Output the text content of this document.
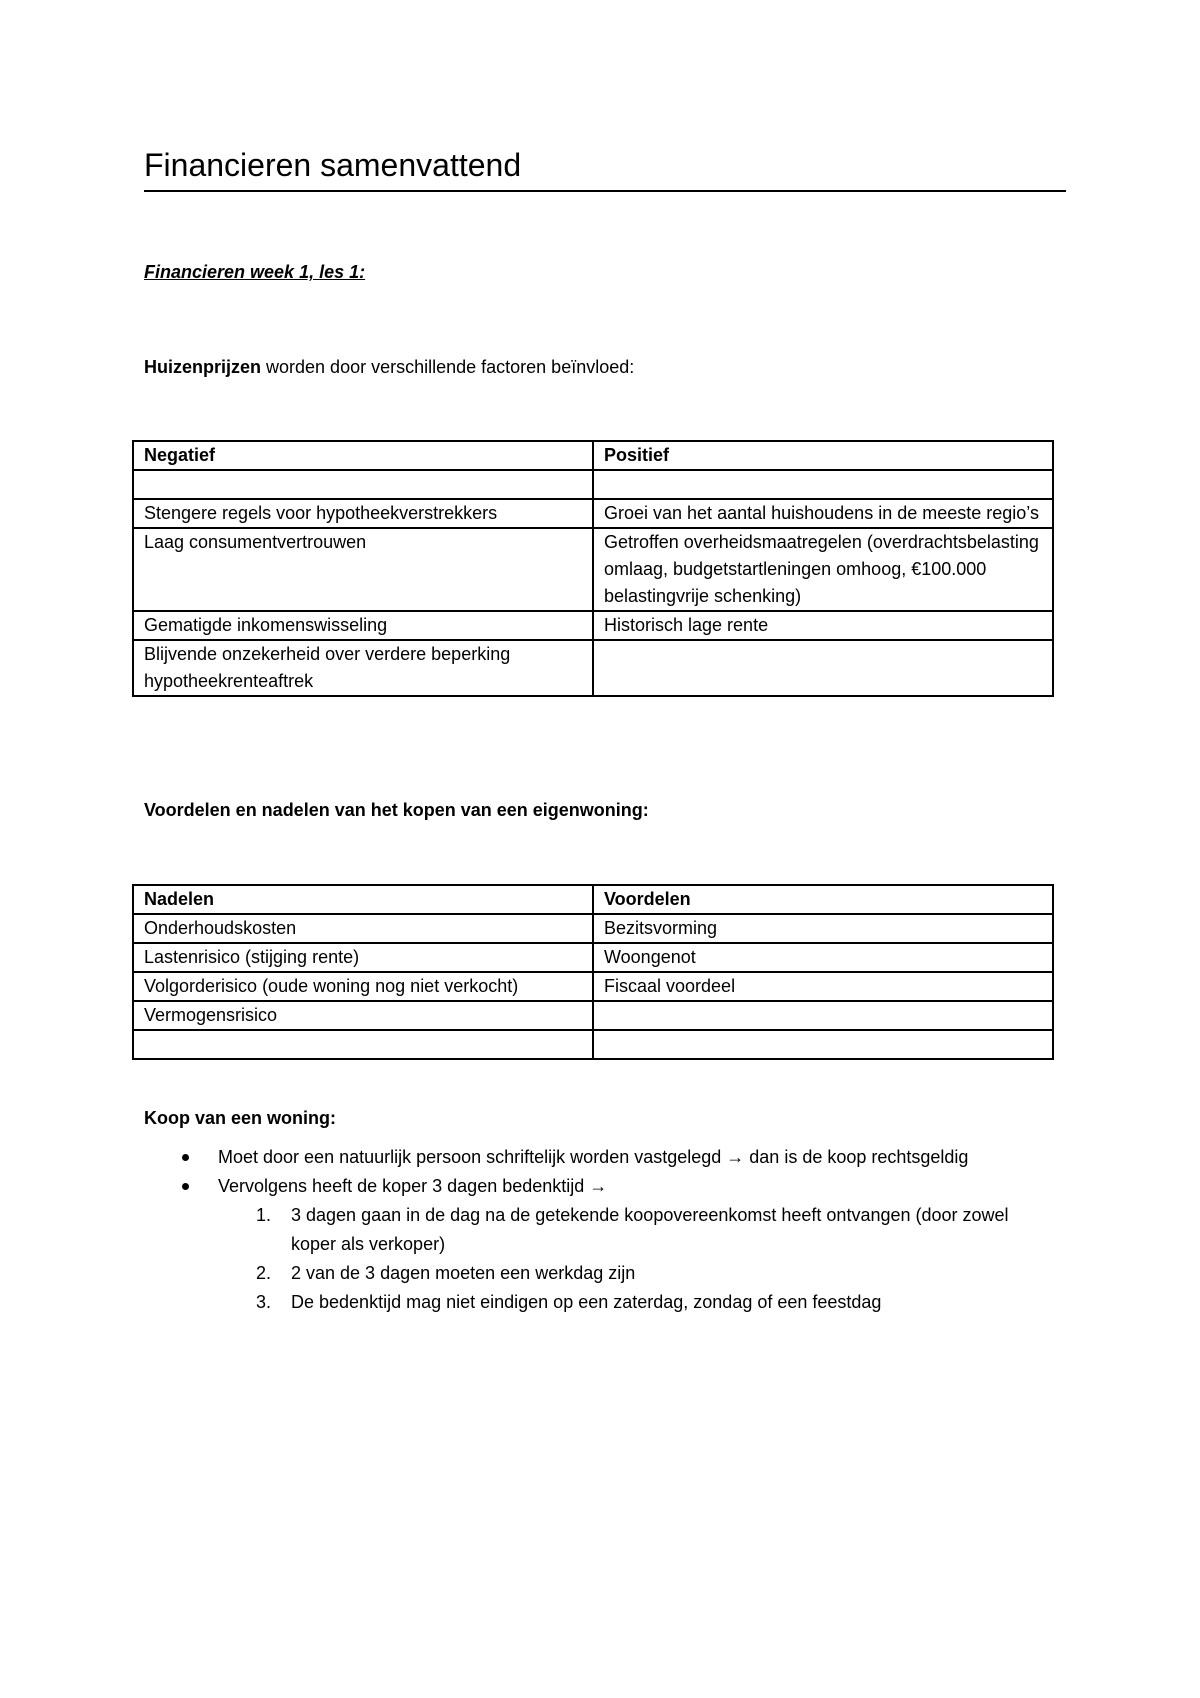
Financieren samenvattend

Financieren week 1, les 1:

Huizenprijzen worden door verschillende factoren beïnvloed:

Negatief	Positief

Stengere regels voor hypotheekverstrekkers	Groei van het aantal huishoudens in de meeste regio’s
Laag consumentvertrouwen	Getroffen overheidsmaatregelen (overdrachtsbelasting omlaag, budgetstartleningen omhoog, €100.000 belastingvrije schenking)
Gematigde inkomenswisseling	Historisch lage rente
Blijvende onzekerheid over verdere beperking hypotheekrenteaftrek	

Voordelen en nadelen van het kopen van een eigenwoning:

Nadelen	Voordelen
Onderhoudskosten	Bezitsvorming
Lastenrisico (stijging rente)	Woongenot
Volgorderisico (oude woning nog niet verkocht)	Fiscaal voordeel
Vermogensrisico	

Koop van een woning:

Moet door een natuurlijk persoon schriftelijk worden vastgelegd → dan is de koop rechtsgeldig
Vervolgens heeft de koper 3 dagen bedenktijd →
1.	3 dagen gaan in de dag na de getekende koopovereenkomst heeft ontvangen (door zowel koper als verkoper)
2.	2 van de 3 dagen moeten een werkdag zijn
3.	De bedenktijd mag niet eindigen op een zaterdag, zondag of een feestdag
